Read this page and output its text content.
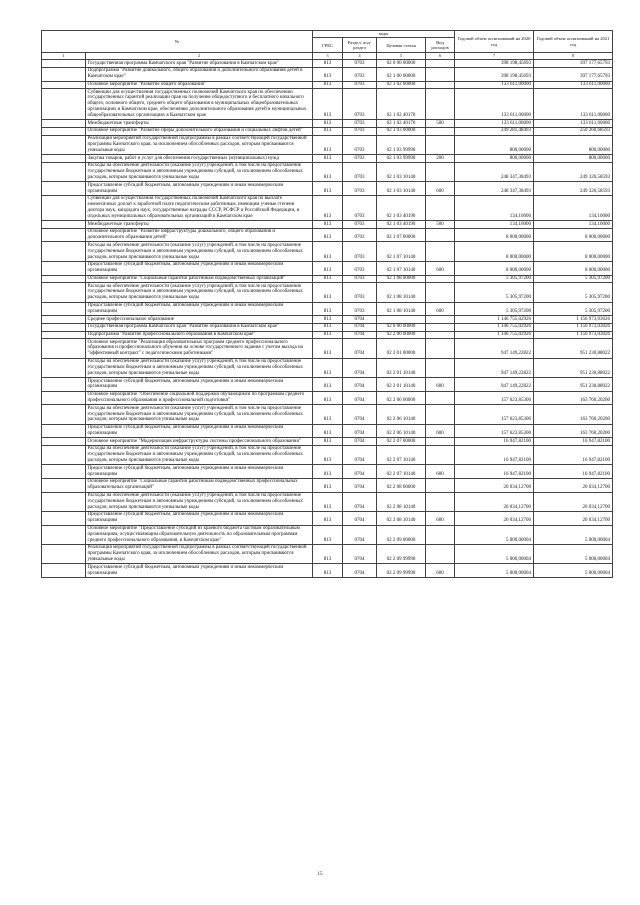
№		коды				Годовой объем ассигнований на 2020 год	Годовой объем ассигнований на 2021 год
		ГРБС	Раздел, под-раздел	Целевая статья	Вид расходов		
1	2	3	4	5	6	7	8
	Государственная программа Камчатского края "Развитие образования в Камчатском крае"	813	0703	02 0 00 00000		398 198,45693	397 177,65793
	Подпрограмма "Развитие дошкольного, общего образования и дополнительного образования детей в Камчатском крае"	813	0703	02 1 00 00000		398 198,45693	397 177,65793
	Основное мероприятие "Развитие общего образования"	813	0703	02 1 02 00000		133 611,00000	133 611,00000
	Субвенции для осуществления государственных полномочий Камчатского края по обеспечению государственных гарантий реализации прав на получение общедоступного и бесплатного начального общего, основного общего, среднего общего образования в муниципальных общеобразовательных организациях в Камчатском крае, обеспечению дополнительного образования детей в муниципальных общеобразовательных организациях в Камчатском крае	813	0703	02 1 02 40170		133 611,00000	133 611,00000
	Межбюджетные трансферты	813	0703	02 1 02 40170	500	133 611,00000	133 611,00000
	Основное мероприятие "Развитие сферы дополнительного образования и социальных лифтов детей"	813	0703	02 1 03 00000		249 281,48493	250 260,68593
	Реализация мероприятий государственной подпрограммы в рамках соответствующей государственной программы Камчатского края, за исключением обособленных расходов, которым присваиваются уникальные коды	813	0703	02 1 03 99990		800,00000	800,00000
	Закупка товаров, работ и услуг для обеспечения государственных (муниципальных) нужд	813	0703	02 1 03 99990	200	800,00000	800,00000
	Расходы на обеспечение деятельности (оказание услуг) учреждений, в том числе на предоставление государственным бюджетным и автономным учреждениям субсидий, за исключением обособленных расходов, которым присваиваются уникальные коды	813	0703	02 1 03 10140		248 347,38493	249 326,58593
	Предоставление субсидий бюджетным, автономным учреждениям и иным некоммерческим организациям	813	0703	02 1 03 10140	600	248 347,38493	249 326,58593
	Субвенции для осуществления государственных полномочий Камчатского края по выплате ежемесячных доплат к заработной плате педагогическим работникам, имеющим ученые степени доктора наук, кандидата наук, государственные награды СССР, РСФСР и Российской Федерации, и отдельных муниципальных образовательных организаций в Камчатском крае	813	0703	02 1 03 40190		134,10000	134,10000
	Межбюджетные трансферты	813	0703	02 1 03 40190	500	134,10000	134,10000
	Основное мероприятие "Развитие инфраструктуры дошкольного, общего образования и дополнительного образования детей"	813	0703	02 1 07 00000		8 000,00000	8 000,00000
	Расходы на обеспечение деятельности (оказание услуг) учреждений, в том числе на предоставление государственным бюджетным и автономным учреждениям субсидий, за исключением обособленных расходов, которым присваиваются уникальные коды	813	0703	02 1 07 10140		8 000,00000	8 000,00000
	Предоставление субсидий бюджетным, автономным учреждениям и иным некоммерческим организациям	813	0703	02 1 07 10140	600	8 000,00000	8 000,00000
	Основное мероприятие "Социальные гарантии работникам подведомственных организаций"	813	0703	02 1 08 00000		5 305,97200	5 305,97200
	Расходы на обеспечение деятельности (оказание услуг) учреждений, в том числе на предоставление государственным бюджетным и автономным учреждениям субсидий, за исключением обособленных расходов, которым присваиваются уникальные коды	813	0703	02 1 08 10140		5 305,97200	5 305,97200
	Предоставление субсидий бюджетным, автономным учреждениям и иным некоммерческим организациям	813	0703	02 1 08 10140	600	5 305,97200	5 305,97200
	Среднее профессиональное образование	813	0704			1 146 755,02926	1 156 973,03026
	Государственная программа Камчатского края "Развитие образования в Камчатском крае"	813	0704	02 0 00 00000		1 146 755,02926	1 156 973,03026
	Подпрограмма "Развитие профессионального образования в Камчатском крае"	813	0704	02 2 00 00000		1 146 755,02926	1 156 973,03026
	Основное мероприятие "Реализация образовательных программ среднего профессионального образования и профессионального обучения на основе государственного задания с учетом выхода на "эффективный контракт" с педагогическими работниками"	813	0704	02 2 01 00000		947 149,22822	951 230,88022
	Расходы на обеспечение деятельности (оказание услуг) учреждений, в том числе на предоставление государственным бюджетным и автономным учреждениям субсидий, за исключением обособленных расходов, которым присваиваются уникальные коды	813	0704	02 2 01 10140		947 149,22822	951 230,88022
	Предоставление субсидий бюджетным, автономным учреждениям и иным некоммерческим организациям	813	0704	02 2 01 10140	600	947 149,22822	951 230,88022
	Основное мероприятие "Обеспечение социальной поддержки обучающимся по программам среднего профессионального образования и профессиональной подготовки"	813	0704	02 2 06 00000		157 623,85300	163 760,20200
	Расходы на обеспечение деятельности (оказание услуг) учреждений, в том числе на предоставление государственным бюджетным и автономным учреждениям субсидий, за исключением обособленных расходов, которым присваиваются уникальные коды	813	0704	02 2 06 10140		157 623,85300	163 760,20200
	Предоставление субсидий бюджетным, автономным учреждениям и иным некоммерческим организациям	813	0704	02 2 06 10140	600	157 623,85300	163 760,20200
	Основное мероприятие "Модернизация инфраструктуры системы профессионального образования"	813	0704	02 2 07 00000		16 947,82100	16 947,82100
	Расходы на обеспечение деятельности (оказание услуг) учреждений, в том числе на предоставление государственным бюджетным и автономным учреждениям субсидий, за исключением обособленных расходов, которым присваиваются уникальные коды	813	0704	02 2 07 10140		16 947,82100	16 947,82100
	Предоставление субсидий бюджетным, автономным учреждениям и иным некоммерческим организациям	813	0704	02 2 07 10140	600	16 947,82100	16 947,82100
	Основное мероприятие "Социальные гарантии работникам подведомственных профессиональных образовательных организаций"	813	0704	02 2 08 00000		20 034,12700	20 034,12700
	Расходы на обеспечение деятельности (оказание услуг) учреждений, в том числе на предоставление государственным бюджетным и автономным учреждениям субсидий, за исключением обособленных расходов, которым присваиваются уникальные коды	813	0704	02 2 08 10140		20 034,12700	20 034,12700
	Предоставление субсидий бюджетным, автономным учреждениям и иным некоммерческим организациям	813	0704	02 2 08 10140	600	20 034,12700	20 034,12700
	Основное мероприятие "Предоставление субсидий из краевого бюджета частным образовательным организациям, осуществляющим образовательную деятельность по образовательным программам среднего профессионального образования, в Камчатском крае"	813	0704	02 2 09 00000		5 000,00004	5 000,00004
	Реализация мероприятий государственной подпрограммы в рамках соответствующей государственной программы Камчатского края, за исключением обособленных расходов, которым присваиваются уникальные коды	813	0704	02 2 09 99990		5 000,00004	5 000,00004
	Предоставление субсидий бюджетным, автономным учреждениям и иным некоммерческим организациям	813	0704	02 2 09 99990	600	5 000,00004	5 000,00004
15
